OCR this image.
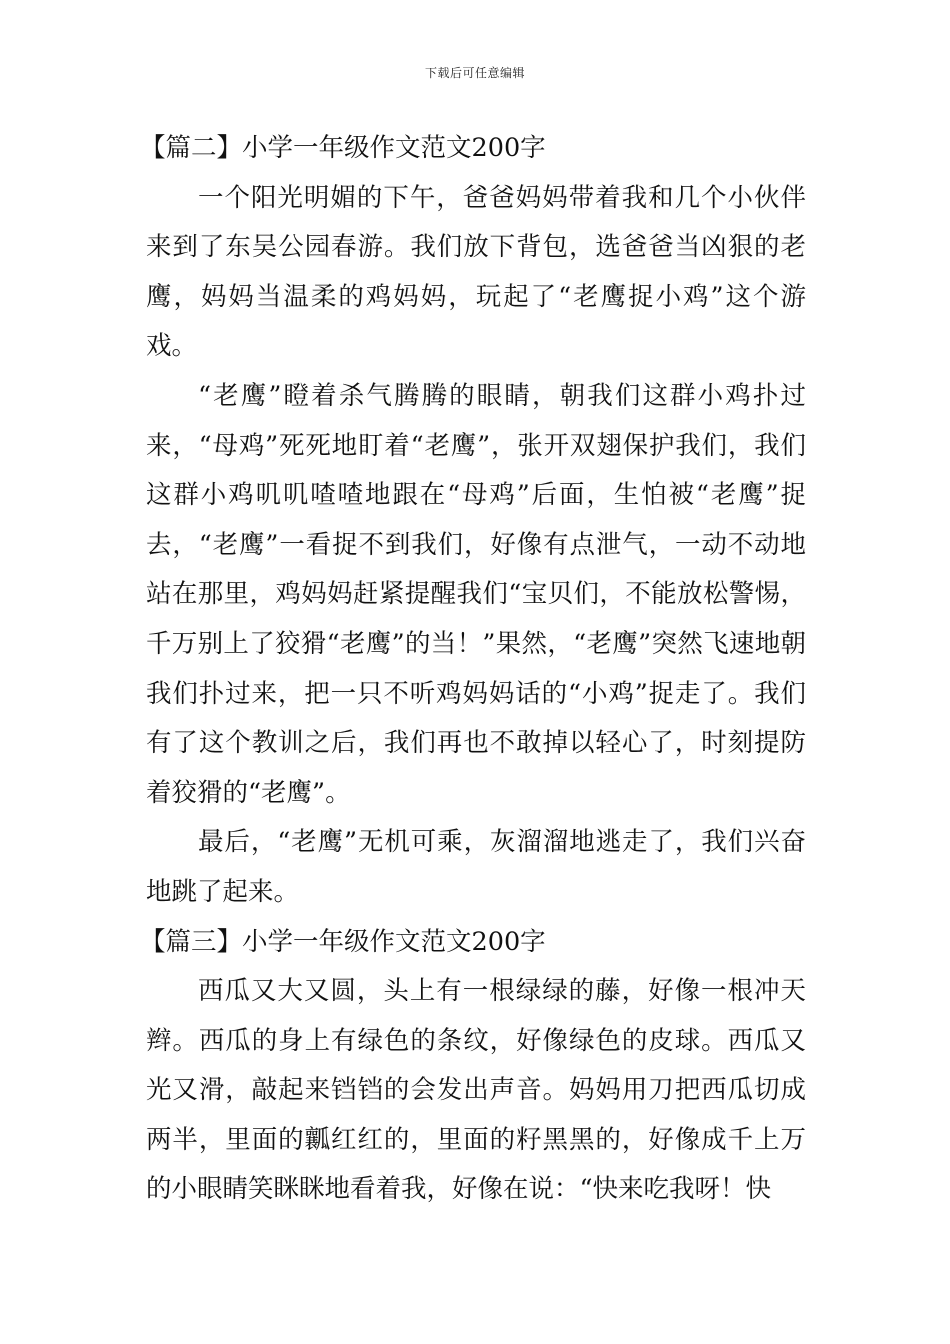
下载后可任意编辑
【篇二】小学一年级作文范文200字

一个阳光明媚的下午，爸爸妈妈带着我和几个小伙伴来到了东吴公园春游。我们放下背包，选爸爸当凶狠的老鹰，妈妈当温柔的鸡妈妈，玩起了“老鹰捉小鸡”这个游戏。

“老鹰”瞪着杀气腾腾的眼睛，朝我们这群小鸡扑过来，“母鸡”死死地盯着“老鹰”，张开双翅保护我们，我们这群小鸡叽叽喳喳地跟在“母鸡”后面，生怕被“老鹰”捉去，“老鹰”一看捉不到我们，好像有点泄气，一动不动地站在那里，鸡妈妈赶紧提醒我们“宝贝们，不能放松警惕，千万别上了狡猾“老鹰”的当！”果然，“老鹰”突然飞速地朝我们扑过来，把一只不听鸡妈妈话的“小鸡”捉走了。我们有了这个教训之后，我们再也不敢掉以轻心了，时刻提防着狡猾的“老鹰”。

最后，“老鹰”无机可乘，灰溜溜地逃走了，我们兴奋地跳了起来。

【篇三】小学一年级作文范文200字

西瓜又大又圆，头上有一根绿绿的藤，好像一根冲天辫。西瓜的身上有绿色的条纹，好像绿色的皮球。西瓜又光又滑，敲起来铛铛的会发出声音。妈妈用刀把西瓜切成两半，里面的瓤红红的，里面的籽黑黑的，好像成千上万的小眼睛笑眯眯地看着我，好像在说：“快来吃我呀！快
